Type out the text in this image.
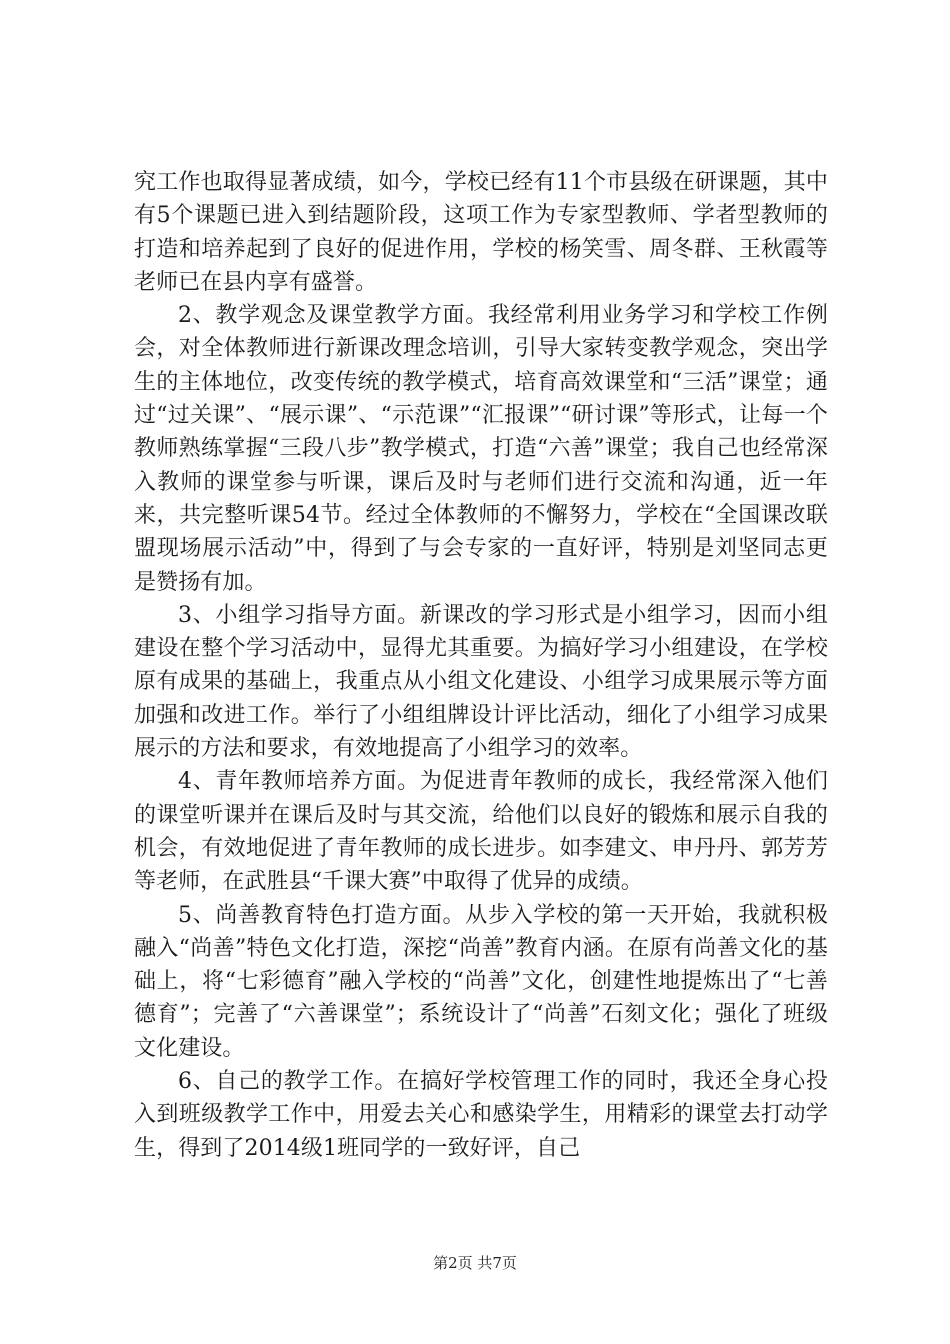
究工作也取得显著成绩，如今，学校已经有11个市县级在研课题，其中有5个课题已进入到结题阶段，这项工作为专家型教师、学者型教师的打造和培养起到了良好的促进作用，学校的杨笑雪、周冬群、王秋霞等老师已在县内享有盛誉。

2、教学观念及课堂教学方面。我经常利用业务学习和学校工作例会，对全体教师进行新课改理念培训，引导大家转变教学观念，突出学生的主体地位，改变传统的教学模式，培育高效课堂和“三活”课堂；通过“过关课”、“展示课”、“示范课”“汇报课”“研讨课”等形式，让每一个教师熟练掌握“三段八步”教学模式，打造“六善”课堂；我自己也经常深入教师的课堂参与听课，课后及时与老师们进行交流和沟通，近一年来，共完整听课54节。经过全体教师的不懈努力，学校在“全国课改联盟现场展示活动”中，得到了与会专家的一直好评，特别是刘坚同志更是赞扬有加。

3、小组学习指导方面。新课改的学习形式是小组学习，因而小组建设在整个学习活动中，显得尤其重要。为搞好学习小组建设，在学校原有成果的基础上，我重点从小组文化建设、小组学习成果展示等方面加强和改进工作。举行了小组组牌设计评比活动，细化了小组学习成果展示的方法和要求，有效地提高了小组学习的效率。

4、青年教师培养方面。为促进青年教师的成长，我经常深入他们的课堂听课并在课后及时与其交流，给他们以良好的锻炼和展示自我的机会，有效地促进了青年教师的成长进步。如李建文、申丹丹、郭芳芳等老师，在武胜县“千课大赛”中取得了优异的成绩。

5、尚善教育特色打造方面。从步入学校的第一天开始，我就积极融入“尚善”特色文化打造，深挖“尚善”教育内涵。在原有尚善文化的基础上，将“七彩德育”融入学校的“尚善”文化，创建性地提炼出了“七善德育”；完善了“六善课堂”；系统设计了“尚善”石刻文化；强化了班级文化建设。

6、自己的教学工作。在搞好学校管理工作的同时，我还全身心投入到班级教学工作中，用爱去关心和感染学生，用精彩的课堂去打动学生，得到了2014级1班同学的一致好评，自己

第2页 共7页
